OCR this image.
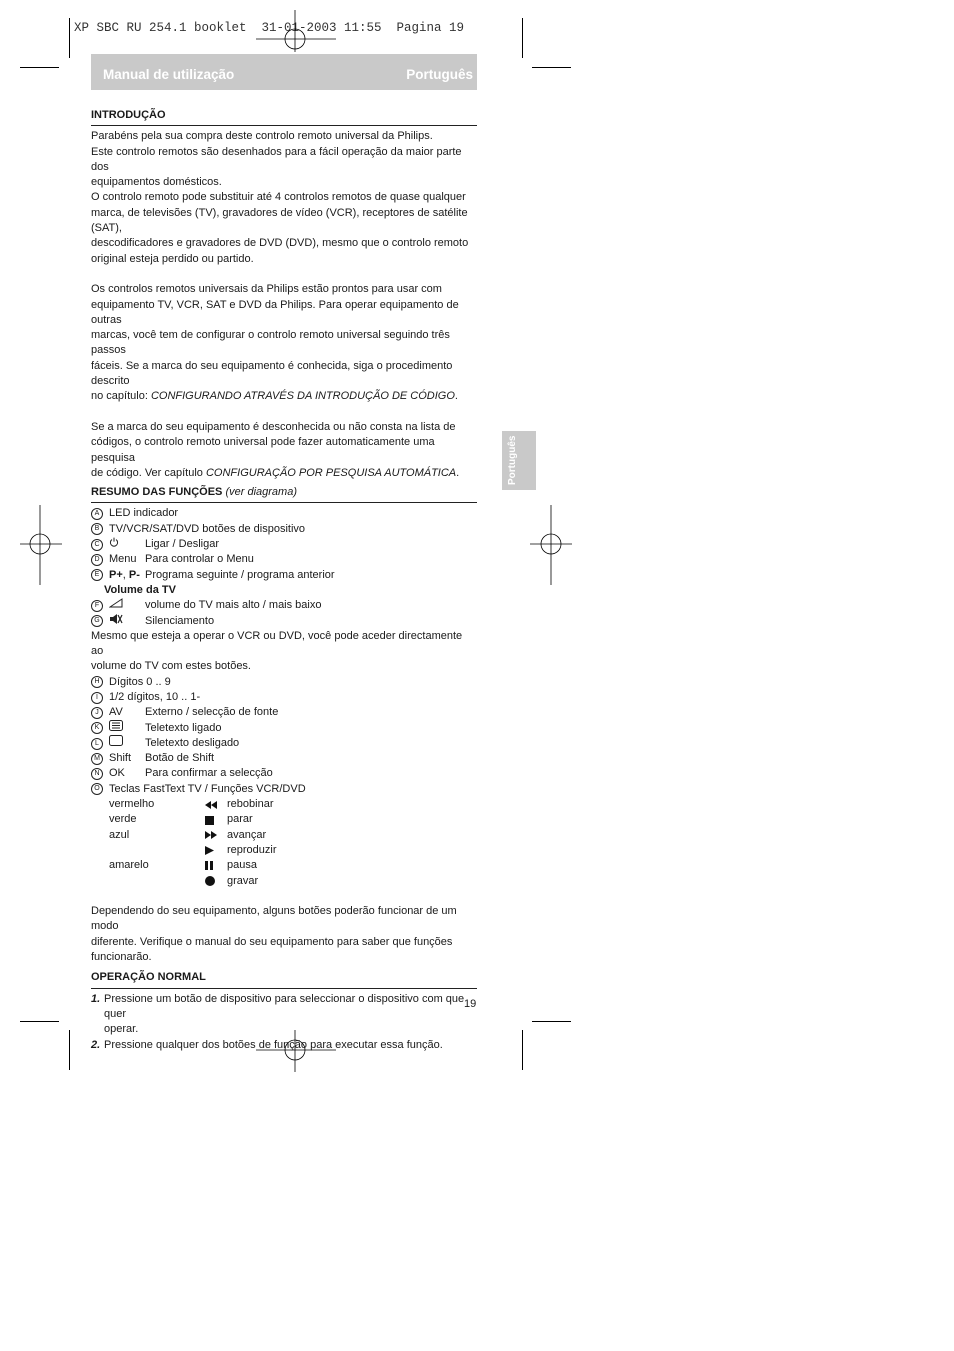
XP SBC RU 254.1 booklet  31-01-2003 11:55  Pagina 19
Manual de utilização	Português
Português
INTRODUÇÃO

Parabéns pela sua compra deste controlo remoto universal da Philips.
Este controlo remotos são desenhados para a fácil operação da maior parte dos
equipamentos domésticos.
O controlo remoto pode substituir até 4 controlos remotos de quase qualquer
marca, de televisões (TV), gravadores de vídeo (VCR), receptores de satélite (SAT),
descodificadores e gravadores de DVD (DVD), mesmo que o controlo remoto
original esteja perdido ou partido.

Os controlos remotos universais da Philips estão prontos para usar com
equipamento TV, VCR, SAT e DVD da Philips. Para operar equipamento de outras
marcas, você tem de configurar o controlo remoto universal seguindo três passos
fáceis. Se a marca do seu equipamento é conhecida, siga o procedimento descrito
no capítulo: CONFIGURANDO ATRAVÉS DA INTRODUÇÃO DE CÓDIGO.

Se a marca do seu equipamento é desconhecida ou não consta na lista de
códigos, o controlo remoto universal pode fazer automaticamente uma pesquisa
de código. Ver capítulo CONFIGURAÇÃO POR PESQUISA AUTOMÁTICA.

RESUMO DAS FUNÇÕES (ver diagrama)
A LED indicador
B TV/VCR/SAT/DVD botões de dispositivo
C	Ligar / Desligar
D Menu Para controlar o Menu
E P+, P- Programa seguinte / programa anterior
Volume da TV
F	volume do TV mais alto / mais baixo
G	Silenciamento

Mesmo que esteja a operar o VCR ou DVD, você pode aceder directamente ao
volume do TV com estes botões.

H Dígitos 0 .. 9
I	1/2 dígitos, 10 .. 1-
J AV	Externo / selecção de fonte
K	Teletexto ligado
L	Teletexto desligado
M Shift	Botão de Shift
N OK	Para confirmar a selecção
O Teclas FastText TV / Funções VCR/DVD
vermelho	rebobinar
verde	parar
azul	avançar
reproduzir
amarelo	pausa
gravar

Dependendo do seu equipamento, alguns botões poderão funcionar de um modo
diferente. Verifique o manual do seu equipamento para saber que funções
funcionarão.

OPERAÇÃO NORMAL
1. Pressione um botão de dispositivo para seleccionar o dispositivo com que quer
operar.
2. Pressione qualquer dos botões de função para executar essa função.
19
